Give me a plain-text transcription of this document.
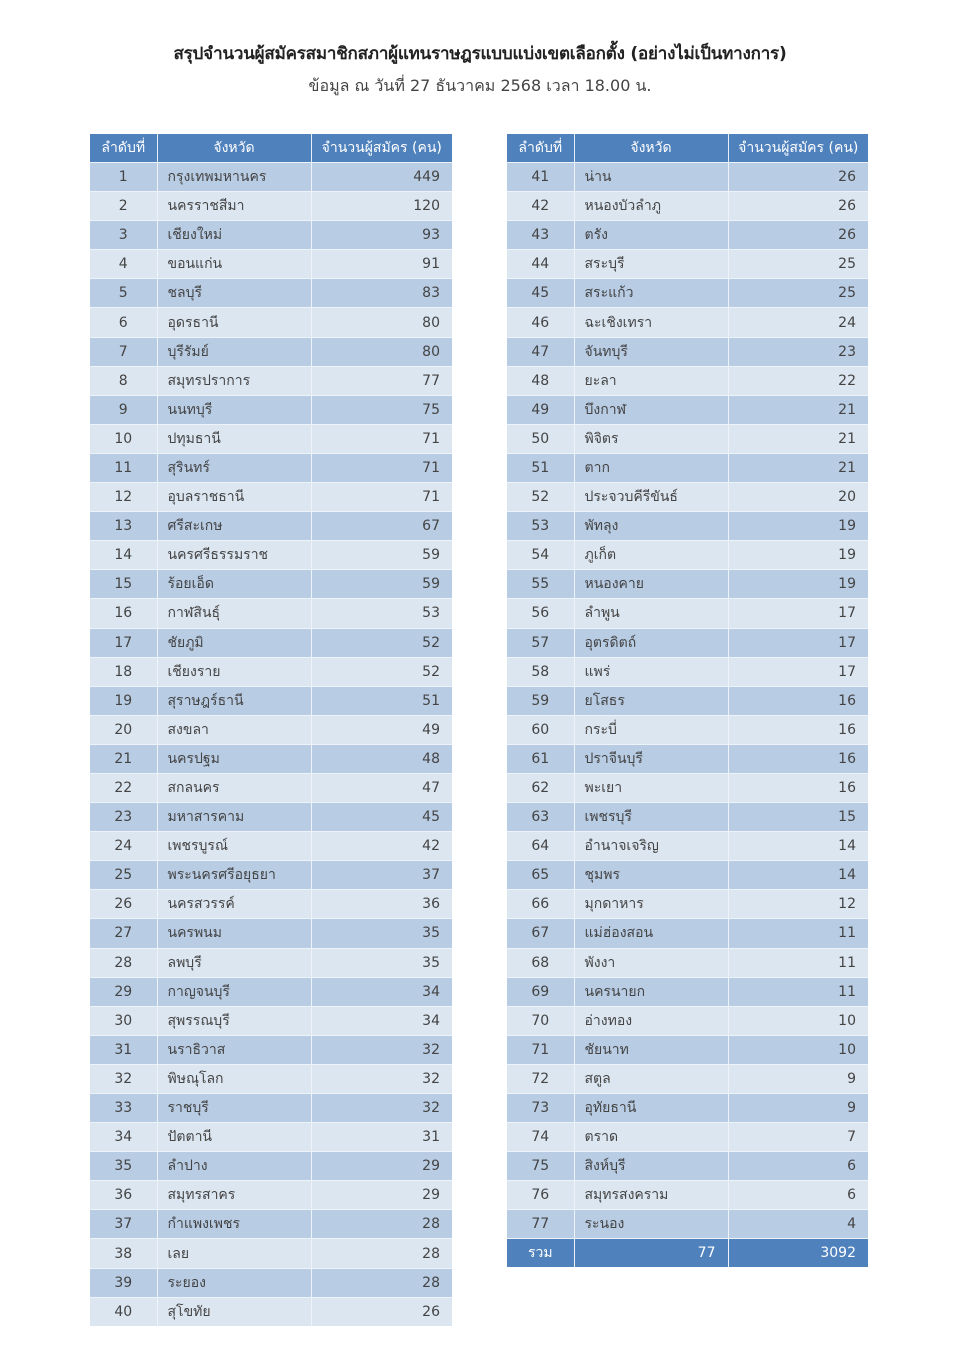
สรุปจำนวนผู้สมัครสมาชิกสภาผู้แทนราษฎรแบบแบ่งเขตเลือกตั้ง (อย่างไม่เป็นทางการ)
ข้อมูล ณ วันที่ 27 ธันวาคม 2568 เวลา 18.00 น.
ลำดับที่	จังหวัด	จำนวนผู้สมัคร (คน)
1	กรุงเทพมหานคร	449
2	นครราชสีมา	120
3	เชียงใหม่	93
4	ขอนแก่น	91
5	ชลบุรี	83
6	อุดรธานี	80
7	บุรีรัมย์	80
8	สมุทรปราการ	77
9	นนทบุรี	75
10	ปทุมธานี	71
11	สุรินทร์	71
12	อุบลราชธานี	71
13	ศรีสะเกษ	67
14	นครศรีธรรมราช	59
15	ร้อยเอ็ด	59
16	กาฬสินธุ์	53
17	ชัยภูมิ	52
18	เชียงราย	52
19	สุราษฎร์ธานี	51
20	สงขลา	49
21	นครปฐม	48
22	สกลนคร	47
23	มหาสารคาม	45
24	เพชรบูรณ์	42
25	พระนครศรีอยุธยา	37
26	นครสวรรค์	36
27	นครพนม	35
28	ลพบุรี	35
29	กาญจนบุรี	34
30	สุพรรณบุรี	34
31	นราธิวาส	32
32	พิษณุโลก	32
33	ราชบุรี	32
34	ปัตตานี	31
35	ลำปาง	29
36	สมุทรสาคร	29
37	กำแพงเพชร	28
38	เลย	28
39	ระยอง	28
40	สุโขทัย	26
ลำดับที่	จังหวัด	จำนวนผู้สมัคร (คน)
41	น่าน	26
42	หนองบัวลำภู	26
43	ตรัง	26
44	สระบุรี	25
45	สระแก้ว	25
46	ฉะเชิงเทรา	24
47	จันทบุรี	23
48	ยะลา	22
49	บึงกาฬ	21
50	พิจิตร	21
51	ตาก	21
52	ประจวบคีรีขันธ์	20
53	พัทลุง	19
54	ภูเก็ต	19
55	หนองคาย	19
56	ลำพูน	17
57	อุตรดิตถ์	17
58	แพร่	17
59	ยโสธร	16
60	กระบี่	16
61	ปราจีนบุรี	16
62	พะเยา	16
63	เพชรบุรี	15
64	อำนาจเจริญ	14
65	ชุมพร	14
66	มุกดาหาร	12
67	แม่ฮ่องสอน	11
68	พังงา	11
69	นครนายก	11
70	อ่างทอง	10
71	ชัยนาท	10
72	สตูล	9
73	อุทัยธานี	9
74	ตราด	7
75	สิงห์บุรี	6
76	สมุทรสงคราม	6
77	ระนอง	4
รวม	77	3092
